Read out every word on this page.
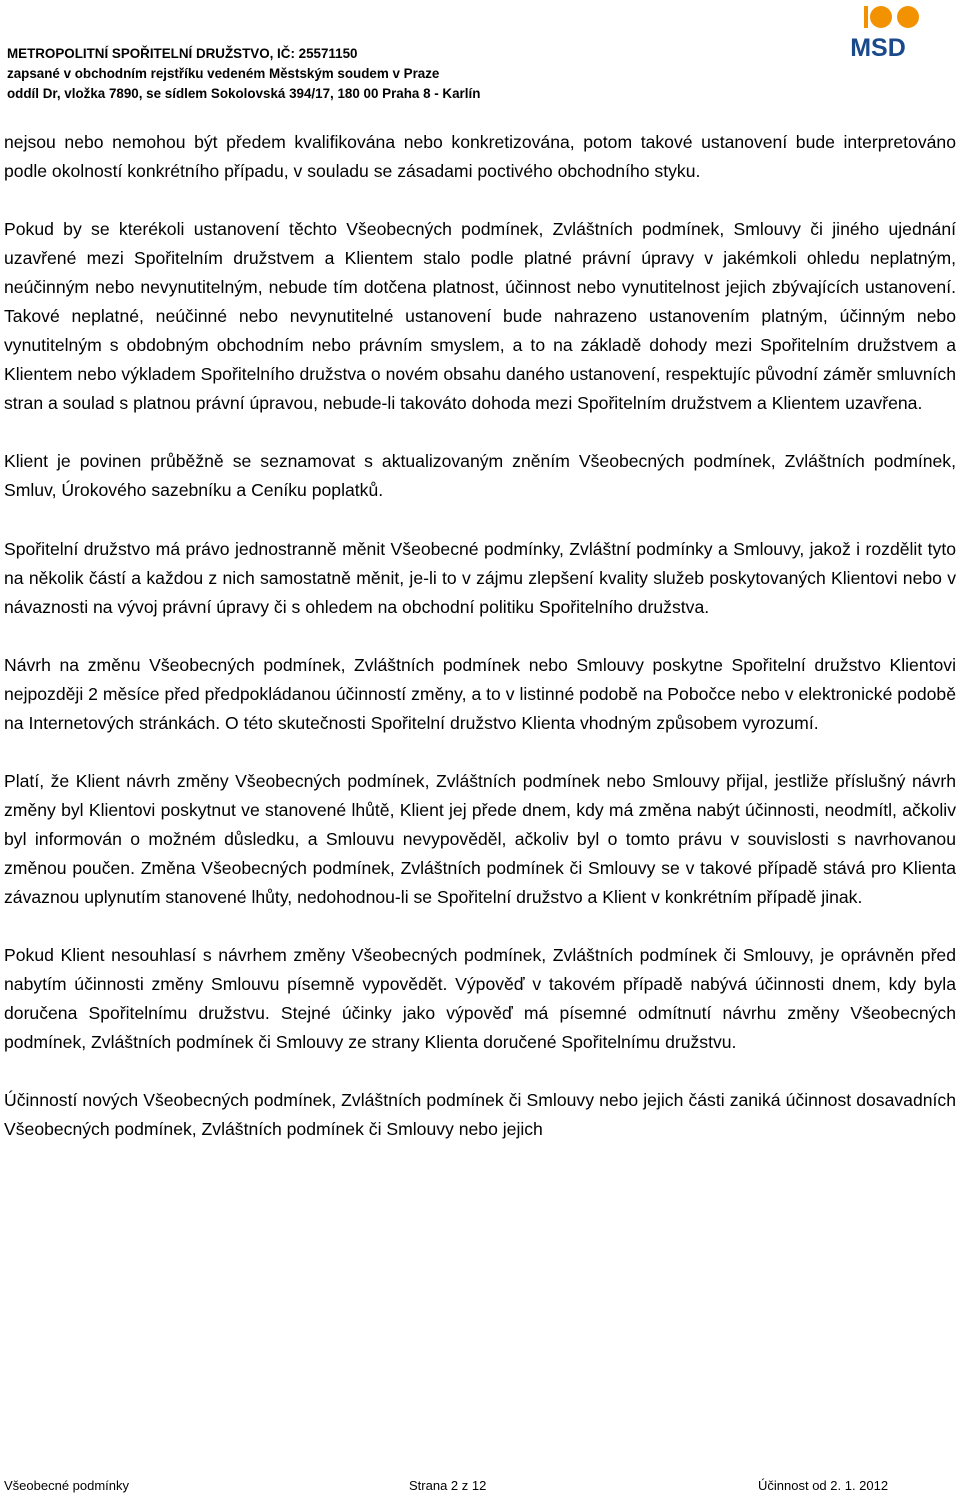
METROPOLITNÍ SPOŘITELNÍ DRUŽSTVO, IČ: 25571150
zapsané v obchodním rejstříku vedeném Městským soudem v Praze
oddíl Dr, vložka 7890, se sídlem Sokolovská 394/17, 180 00 Praha 8 - Karlín
MSD

nejsou nebo nemohou být předem kvalifikována nebo konkretizována, potom takové ustanovení bude interpretováno podle okolností konkrétního případu, v souladu se zásadami poctivého obchodního styku.

Pokud by se kterékoli ustanovení těchto Všeobecných podmínek, Zvláštních podmínek, Smlouvy či jiného ujednání uzavřené mezi Spořitelním družstvem a Klientem stalo podle platné právní úpravy v jakémkoli ohledu neplatným, neúčinným nebo nevynutitelným, nebude tím dotčena platnost, účinnost nebo vynutitelnost jejich zbývajících ustanovení. Takové neplatné, neúčinné nebo nevynutitelné ustanovení bude nahrazeno ustanovením platným, účinným nebo vynutitelným s obdobným obchodním nebo právním smyslem, a to na základě dohody mezi Spořitelním družstvem a Klientem nebo výkladem Spořitelního družstva o novém obsahu daného ustanovení, respektujíc původní záměr smluvních stran a soulad s platnou právní úpravou, nebude-li takováto dohoda mezi Spořitelním družstvem a Klientem uzavřena.

Klient je povinen průběžně se seznamovat s aktualizovaným zněním Všeobecných podmínek, Zvláštních podmínek, Smluv, Úrokového sazebníku a Ceníku poplatků.

Spořitelní družstvo má právo jednostranně měnit Všeobecné podmínky, Zvláštní podmínky a Smlouvy, jakož i rozdělit tyto na několik částí a každou z nich samostatně měnit, je-li to v zájmu zlepšení kvality služeb poskytovaných Klientovi nebo v návaznosti na vývoj právní úpravy či s ohledem na obchodní politiku Spořitelního družstva.

Návrh na změnu Všeobecných podmínek, Zvláštních podmínek nebo Smlouvy poskytne Spořitelní družstvo Klientovi nejpozději 2 měsíce před předpokládanou účinností změny, a to v listinné podobě na Pobočce nebo v elektronické podobě na Internetových stránkách. O této skutečnosti Spořitelní družstvo Klienta vhodným způsobem vyrozumí.

Platí, že Klient návrh změny Všeobecných podmínek, Zvláštních podmínek nebo Smlouvy přijal, jestliže příslušný návrh změny byl Klientovi poskytnut ve stanovené lhůtě, Klient jej přede dnem, kdy má změna nabýt účinnosti, neodmítl, ačkoliv byl informován o možném důsledku, a Smlouvu nevypověděl, ačkoliv byl o tomto právu v souvislosti s navrhovanou změnou poučen. Změna Všeobecných podmínek, Zvláštních podmínek či Smlouvy se v takové případě stává pro Klienta závaznou uplynutím stanovené lhůty, nedohodnou-li se Spořitelní družstvo a Klient v konkrétním případě jinak.

Pokud Klient nesouhlasí s návrhem změny Všeobecných podmínek, Zvláštních podmínek či Smlouvy, je oprávněn před nabytím účinnosti změny Smlouvu písemně vypovědět. Výpověď v takovém případě nabývá účinnosti dnem, kdy byla doručena Spořitelnímu družstvu. Stejné účinky jako výpověď má písemné odmítnutí návrhu změny Všeobecných podmínek, Zvláštních podmínek či Smlouvy ze strany Klienta doručené Spořitelnímu družstvu.

Účinností nových Všeobecných podmínek, Zvláštních podmínek či Smlouvy nebo jejich části zaniká účinnost dosavadních Všeobecných podmínek, Zvláštních podmínek či Smlouvy nebo jejich

Všeobecné podmínky	Strana 2 z 12	Účinnost od 2. 1. 2012
